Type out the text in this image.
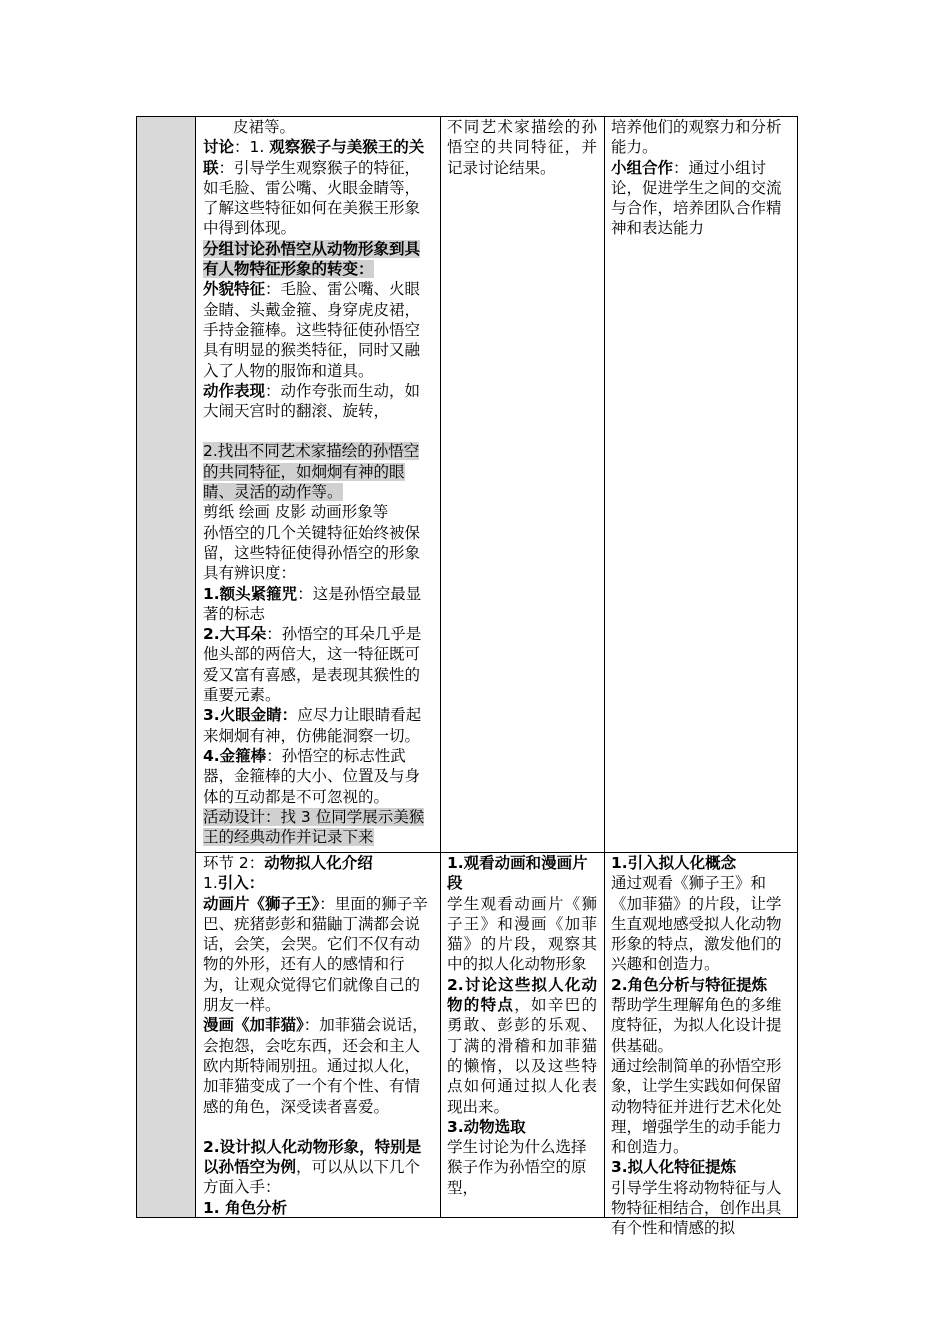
皮裙等。

讨论：1. 观察猴子与美猴王的关联：引导学生观察猴子的特征，如毛脸、雷公嘴、火眼金睛等，了解这些特征如何在美猴王形象中得到体现。

分组讨论孙悟空从动物形象到具有人物特征形象的转变：

外貌特征：毛脸、雷公嘴、火眼金睛、头戴金箍、身穿虎皮裙，手持金箍棒。这些特征使孙悟空具有明显的猴类特征，同时又融入了人物的服饰和道具。

动作表现：动作夸张而生动，如大闹天宫时的翻滚、旋转，

2.找出不同艺术家描绘的孙悟空的共同特征，如炯炯有神的眼睛、灵活的动作等。

剪纸 绘画 皮影 动画形象等

孙悟空的几个关键特征始终被保留，这些特征使得孙悟空的形象具有辨识度：

1.额头紧箍咒：这是孙悟空最显著的标志

2.大耳朵：孙悟空的耳朵几乎是他头部的两倍大，这一特征既可爱又富有喜感，是表现其猴性的重要元素。

3.火眼金睛：应尽力让眼睛看起来炯炯有神，仿佛能洞察一切。

4.金箍棒：孙悟空的标志性武器，金箍棒的大小、位置及与身体的互动都是不可忽视的。

活动设计：找 3 位同学展示美猴王的经典动作并记录下来

不同艺术家描绘的孙悟空的共同特征，并记录讨论结果。

培养他们的观察力和分析能力。

小组合作：通过小组讨论，促进学生之间的交流与合作，培养团队合作精神和表达能力

环节 2：动物拟人化介绍

1.引入：

动画片《狮子王》：里面的狮子辛巴、疣猪彭彭和猫鼬丁满都会说话，会笑，会哭。它们不仅有动物的外形，还有人的感情和行为，让观众觉得它们就像自己的朋友一样。

漫画《加菲猫》：加菲猫会说话，会抱怨，会吃东西，还会和主人欧内斯特闹别扭。通过拟人化，加菲猫变成了一个有个性、有情感的角色，深受读者喜爱。

2.设计拟人化动物形象，特别是以孙悟空为例，可以从以下几个方面入手：

1. 角色分析

1.观看动画和漫画片段

学生观看动画片《狮子王》和漫画《加菲猫》的片段，观察其中的拟人化动物形象

2.讨论这些拟人化动物的特点，如辛巴的勇敢、彭彭的乐观、丁满的滑稽和加菲猫的懒惰，以及这些特点如何通过拟人化表现出来。

3.动物选取

学生讨论为什么选择猴子作为孙悟空的原型，

1.引入拟人化概念

通过观看《狮子王》和《加菲猫》的片段，让学生直观地感受拟人化动物形象的特点，激发他们的兴趣和创造力。

2.角色分析与特征提炼

帮助学生理解角色的多维度特征，为拟人化设计提供基础。

通过绘制简单的孙悟空形象，让学生实践如何保留动物特征并进行艺术化处理，增强学生的动手能力和创造力。

3.拟人化特征提炼

引导学生将动物特征与人物特征相结合，创作出具有个性和情感的拟
